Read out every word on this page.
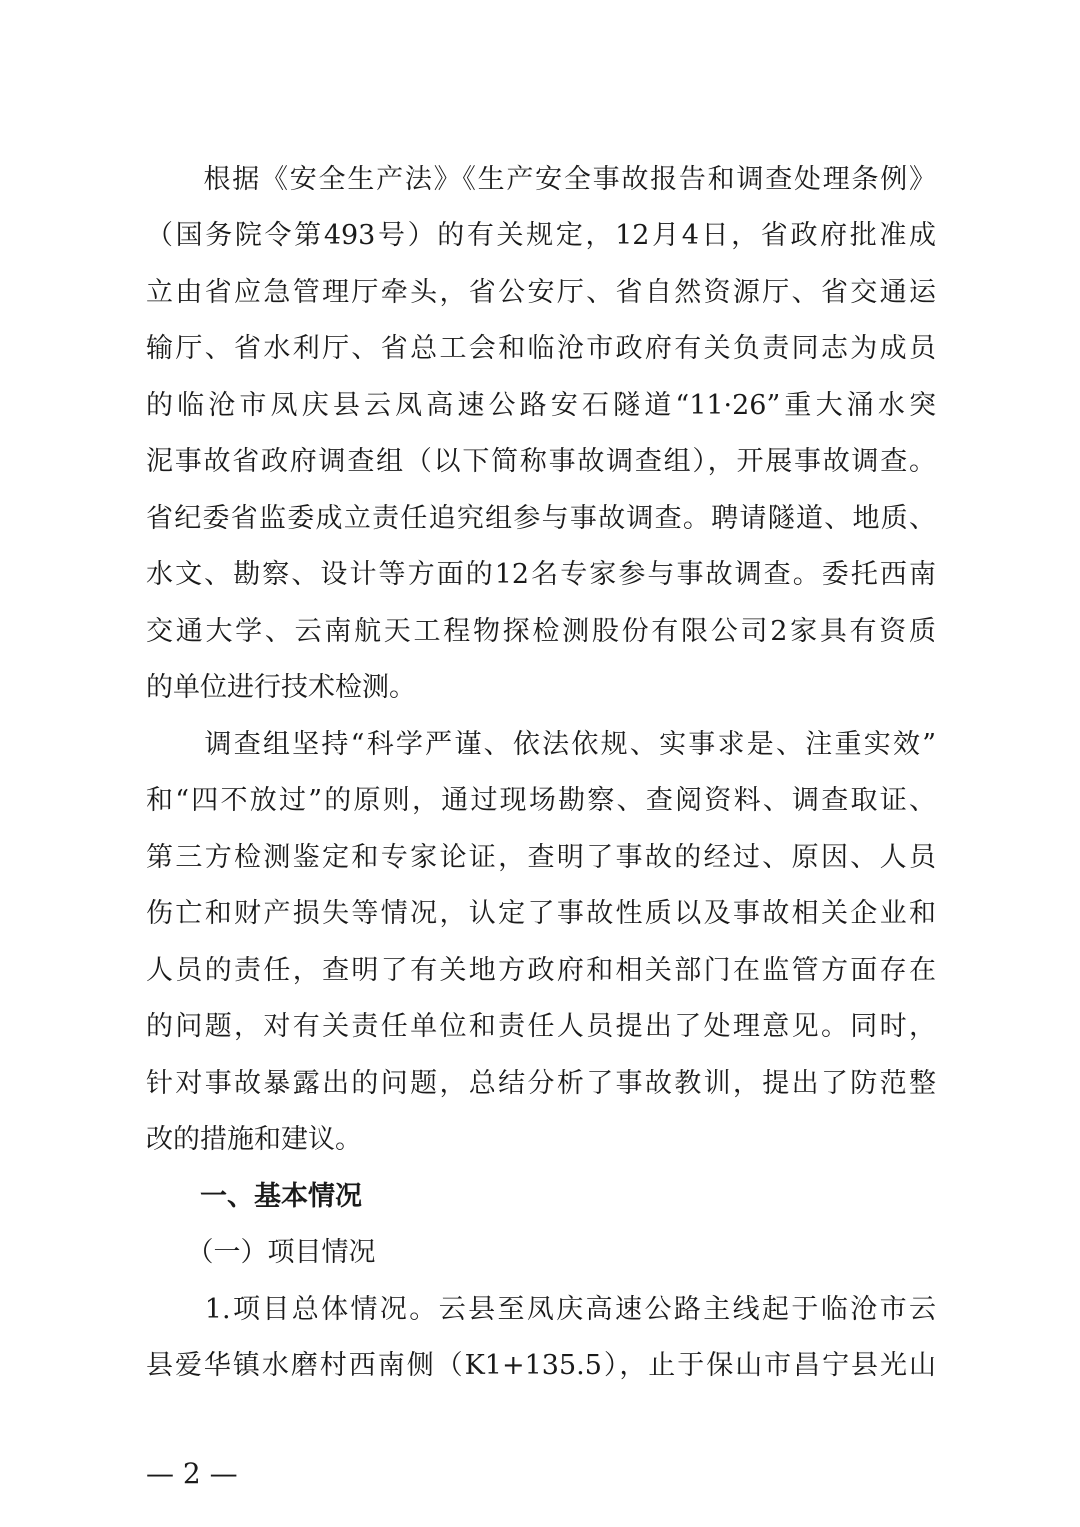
　　根据《安全生产法》《生产安全事故报告和调查处理条例》
（国务院令第493号）的有关规定，12月4日，省政府批准成
立由省应急管理厅牵头，省公安厅、省自然资源厅、省交通运
输厅、省水利厅、省总工会和临沧市政府有关负责同志为成员
的临沧市凤庆县云凤高速公路安石隧道“11·26”重大涌水突
泥事故省政府调查组（以下简称事故调查组），开展事故调查。
省纪委省监委成立责任追究组参与事故调查。聘请隧道、地质、
水文、勘察、设计等方面的12名专家参与事故调查。委托西南
交通大学、云南航天工程物探检测股份有限公司2家具有资质
的单位进行技术检测。
　　调查组坚持“科学严谨、依法依规、实事求是、注重实效”
和“四不放过”的原则，通过现场勘察、查阅资料、调查取证、
第三方检测鉴定和专家论证，查明了事故的经过、原因、人员
伤亡和财产损失等情况，认定了事故性质以及事故相关企业和
人员的责任，查明了有关地方政府和相关部门在监管方面存在
的问题，对有关责任单位和责任人员提出了处理意见。同时，
针对事故暴露出的问题，总结分析了事故教训，提出了防范整
改的措施和建议。
　　一、基本情况
　　（一）项目情况
　　1.项目总体情况。云县至凤庆高速公路主线起于临沧市云
县爱华镇水磨村西南侧（K1+135.5），止于保山市昌宁县光山
— 2 —
